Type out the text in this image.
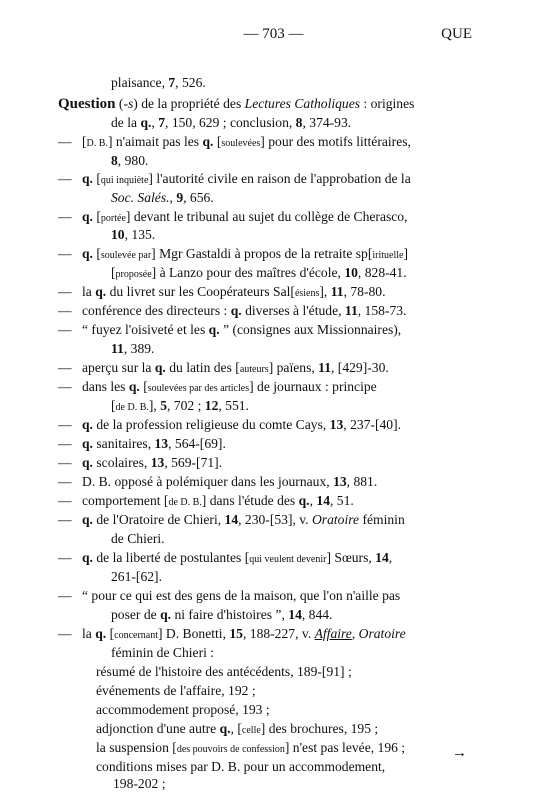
— 703 —	QUE
plaisance, 7, 526.
Question (-s) de la propriété des Lectures Catholiques : origines
de la q., 7, 150, 629 ; conclusion, 8, 374-93.
— [D. B.] n'aimait pas les q. [soulevées] pour des motifs littéraires,
8, 980.
— q. [qui inquiète] l'autorité civile en raison de l'approbation de la
Soc. Salés., 9, 656.
— q. [portée] devant le tribunal au sujet du collège de Cherasco,
10, 135.
— q. [soulevée par] Mgr Gastaldi à propos de la retraite sp[irituelle]
[proposée] à Lanzo pour des maîtres d'école, 10, 828-41.
— la q. du livret sur les Coopérateurs Sal[ésiens], 11, 78-80.
— conférence des directeurs : q. diverses à l'étude, 11, 158-73.
— “ fuyez l'oisiveté et les q. ” (consignes aux Missionnaires),
11, 389.
— aperçu sur la q. du latin des [auteurs] païens, 11, [429]-30.
— dans les q. [soulevées par des articles] de journaux : principe
[de D. B.], 5, 702 ; 12, 551.
— q. de la profession religieuse du comte Cays, 13, 237-[40].
— q. sanitaires, 13, 564-[69].
— q. scolaires, 13, 569-[71].
— D. B. opposé à polémiquer dans les journaux, 13, 881.
— comportement [de D. B.] dans l'étude des q., 14, 51.
— q. de l'Oratoire de Chieri, 14, 230-[53], v. Oratoire féminin
de Chieri.
— q. de la liberté de postulantes [qui veulent devenir] Sœurs, 14,
261-[62].
— “ pour ce qui est des gens de la maison, que l'on n'aille pas
poser de q. ni faire d'histoires ”, 14, 844.
— la q. [concernant] D. Bonetti, 15, 188-227, v. Affaire, Oratoire
féminin de Chieri :
résumé de l'histoire des antécédents, 189-[91] ;
événements de l'affaire, 192 ;
accommodement proposé, 193 ;
adjonction d'une autre q., [celle] des brochures, 195 ;
la suspension [des pouvoirs de confession] n'est pas levée, 196 ;
conditions mises par D. B. pour un accommodement,
198-202 ;
→
